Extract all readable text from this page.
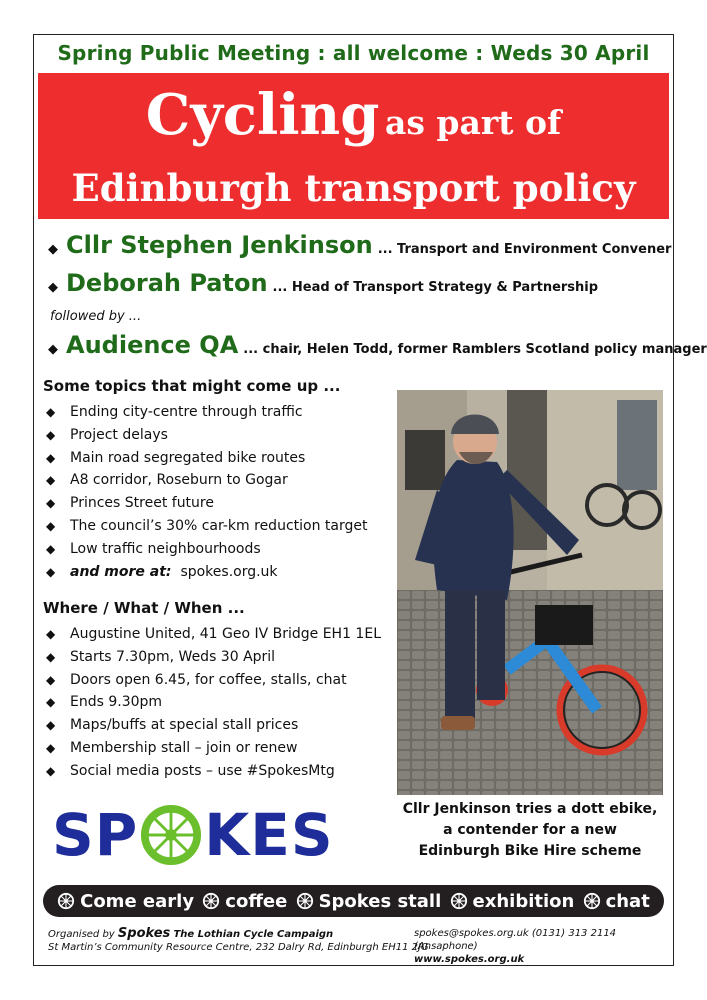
Spring Public Meeting : all welcome : Weds 30 April
Cycling as part of
Edinburgh transport policy
◆ Cllr Stephen Jenkinson ... Transport and Environment Convener
◆ Deborah Paton ... Head of Transport Strategy & Partnership
followed by ...
◆ Audience QA ... chair, Helen Todd, former Ramblers Scotland policy manager
Some topics that might come up ...
◆	Ending city-centre through traffic
◆	Project delays
◆	Main road segregated bike routes
◆	A8 corridor, Roseburn to Gogar
◆	Princes Street future
◆	The council’s 30% car-km reduction target
◆	Low traffic neighbourhoods
◆	and more at:
spokes.org.uk
Where / What / When ...
◆	Augustine United, 41 Geo IV Bridge EH1 1EL
◆	Starts 7.30pm, Weds 30 April
◆	Doors open 6.45, for coffee, stalls, chat
◆	Ends 9.30pm
◆	Maps/buffs at special stall prices
◆	Membership stall – join or renew
◆	Social media posts – use #SpokesMtg
Cllr Jenkinson tries a dott ebike,
a contender for a new
Edinburgh Bike Hire scheme
SP KES
Come early coffee Spokes stall exhibition chat
Organised by Spokes The Lothian Cycle Campaign
St Martin’s Community Resource Centre, 232 Dalry Rd, Edinburgh EH11 2JG
spokes@spokes.org.uk (0131) 313 2114 (Ansaphone)
www.spokes.org.uk
